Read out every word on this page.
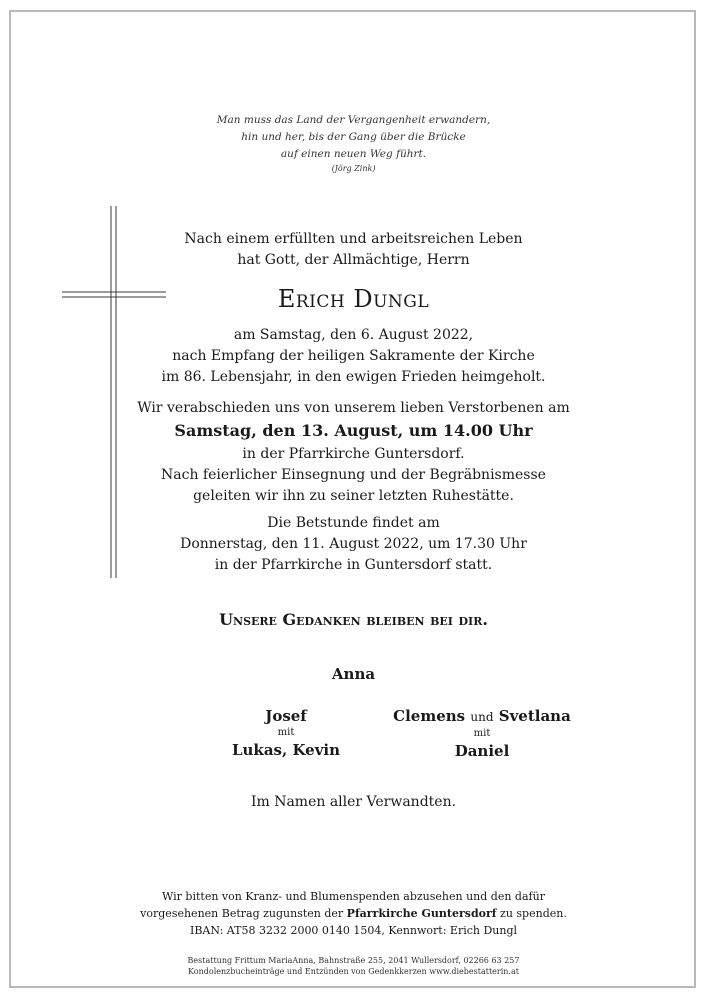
Man muss das Land der Vergangenheit erwandern,
hin und her, bis der Gang über die Brücke
auf einen neuen Weg führt.
(Jörg Zink)
Nach einem erfüllten und arbeitsreichen Leben
hat Gott, der Allmächtige, Herrn
Erich Dungl
am Samstag, den 6. August 2022,
nach Empfang der heiligen Sakramente der Kirche
im 86. Lebensjahr, in den ewigen Frieden heimgeholt.
Wir verabschieden uns von unserem lieben Verstorbenen am
Samstag, den 13. August, um 14.00 Uhr
in der Pfarrkirche Guntersdorf.
Nach feierlicher Einsegnung und der Begräbnismesse
geleiten wir ihn zu seiner letzten Ruhestätte.
Die Betstunde findet am
Donnerstag, den 11. August 2022, um 17.30 Uhr
in der Pfarrkirche in Guntersdorf statt.
Unsere Gedanken bleiben bei dir.
Anna
Josef
mit
Lukas, Kevin
Clemens und Svetlana
mit
Daniel
Im Namen aller Verwandten.
Wir bitten von Kranz- und Blumenspenden abzusehen und den dafür
vorgesehenen Betrag zugunsten der Pfarrkirche Guntersdorf zu spenden.
IBAN: AT58 3232 2000 0140 1504, Kennwort: Erich Dungl
Bestattung Frittum MariaAnna, Bahnstraße 255, 2041 Wullersdorf, 02266 63 257
Kondolenzbucheinträge und Entzünden von Gedenkkerzen www.diebestatterin.at
